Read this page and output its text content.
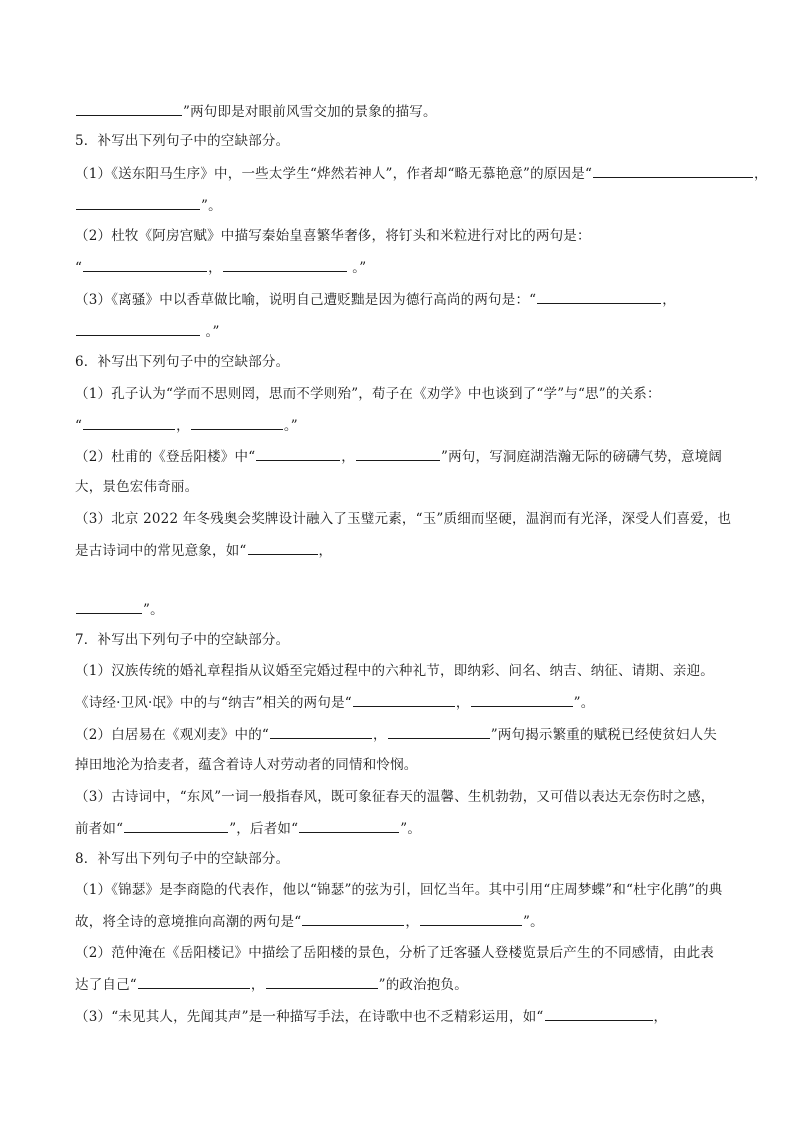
”两句即是对眼前风雪交加的景象的描写。
5．补写出下列句子中的空缺部分。
（1）《送东阳马生序》中，一些太学生“烨然若神人”，作者却“略无慕艳意”的原因是“	，
”。
（2）杜牧《阿房宫赋》中描写秦始皇喜繁华奢侈，将钉头和米粒进行对比的两句是：
“	，	。”
（3）《离骚》中以香草做比喻，说明自己遭贬黜是因为德行高尚的两句是：“	，
。”
6．补写出下列句子中的空缺部分。
（1）孔子认为“学而不思则罔，思而不学则殆”，荀子在《劝学》中也谈到了“学”与“思”的关系：
“	，	。”
（2）杜甫的《登岳阳楼》中“	，	”两句，写洞庭湖浩瀚无际的磅礴气势，意境阔
大，景色宏伟奇丽。
（3）北京 2022 年冬残奥会奖牌设计融入了玉璧元素，“玉”质细而坚硬，温润而有光泽，深受人们喜爱，也
是古诗词中的常见意象，如“	，
”。
7．补写出下列句子中的空缺部分。
（1）汉族传统的婚礼章程指从议婚至完婚过程中的六种礼节，即纳彩、问名、纳吉、纳征、请期、亲迎。
《诗经·卫风·氓》中的与“纳吉”相关的两句是“	，	”。
（2）白居易在《观刈麦》中的“	，	”两句揭示繁重的赋税已经使贫妇人失
掉田地沦为拾麦者，蕴含着诗人对劳动者的同情和怜悯。
（3）古诗词中，“东风”一词一般指春风，既可象征春天的温馨、生机勃勃，又可借以表达无奈伤时之感，
前者如“	”，后者如“	”。
8．补写出下列句子中的空缺部分。
（1）《锦瑟》是李商隐的代表作，他以“锦瑟”的弦为引，回忆当年。其中引用“庄周梦蝶”和“杜宇化鹃”的典
故，将全诗的意境推向高潮的两句是“	，	”。
（2）范仲淹在《岳阳楼记》中描绘了岳阳楼的景色，分析了迁客骚人登楼览景后产生的不同感情，由此表
达了自己“	，	”的政治抱负。
（3）“未见其人，先闻其声”是一种描写手法，在诗歌中也不乏精彩运用，如“	，
